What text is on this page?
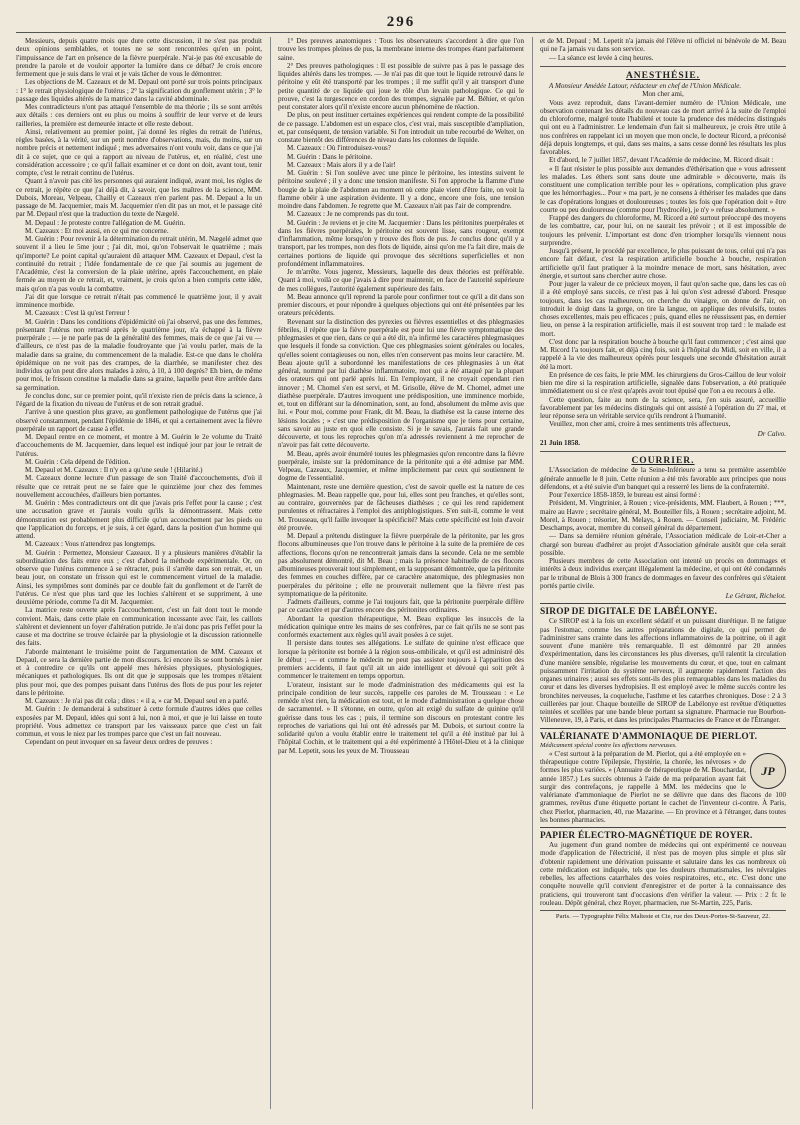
296

Messieurs, depuis quatre mois que dure cette discussion, il ne s'est pas produit deux opinions semblables, et toutes ne se sont rencontrées qu'en un point, l'impuissance de l'art en présence de la fièvre puerpérale. N'ai-je pas été excusable de prendre la parole et de vouloir apporter la lumière dans ce débat? Je crois encore fermement que je suis dans le vrai et je vais tâcher de vous le démontrer.

Les objections de M. Cazeaux et de M. Depaul ont porté sur trois points principaux : 1° le retrait physiologique de l'utérus ; 2° la signification du gonflement utérin ; 3° le passage des liquides altérés de la matrice dans la cavité abdominale.

Mes contradicteurs n'ont pas attaqué l'ensemble de ma théorie ; ils se sont arrêtés aux détails : ces derniers ont eu plus ou moins à souffrir de leur verve et de leurs railleries, la première est demeurée intacte et elle reste debout.

Ainsi, relativement au premier point, j'ai donné les règles du retrait de l'utérus, règles basées, à la vérité, sur un petit nombre d'observations, mais, du moins, sur un nombre précis et nettement indiqué ; mes adversaires n'ont voulu voir, dans ce que j'ai dit à ce sujet, que ce qui a rapport au niveau de l'utérus, et, en réalité, c'est une considération accessoire ; ce qu'il fallait examiner et ce dont on doit, avant tout, tenir compte, c'est le retrait continu de l'utérus.

Quant à n'avoir pas cité les personnes qui auraient indiqué, avant moi, les règles de ce retrait, je répète ce que j'ai déjà dit, à savoir, que les maîtres de la science, MM. Dubois, Moreau, Velpeau, Chailly et Cazeaux n'en parlent pas. M. Depaul a lu un passage de M. Jacquemier, mais M. Jacquemier n'en dit pas un mot, et le passage cité par M. Depaul n'est que la traduction du texte de Nægelé.

M. Depaul : Je proteste contre l'allégation de M. Guérin.

M. Cazeaux : Et moi aussi, en ce qui me concerne.

M. Guérin : Pour revenir à la détermination du retrait utérin, M. Nægelé admet que souvent il a lieu le 5me jour ; j'ai dit, moi, qu'on l'observait le quatrième ; mais qu'importe? Le point capital qu'auraient dû attaquer MM. Cazeaux et Depaul, c'est la continuité du retrait ; l'idée fondamentale de ce que j'ai soumis au jugement de l'Académie, c'est la conversion de la plaie utérine, après l'accouchement, en plaie fermée au moyen de ce retrait, et, vraiment, je crois qu'on a bien compris cette idée, mais qu'on n'a pas voulu la combattre.

J'ai dit que lorsque ce retrait n'était pas commencé le quatrième jour, il y avait imminence morbide.

M. Cazeaux : C'est là qu'est l'erreur !

M. Guérin : Dans les conditions d'épidémicité où j'ai observé, pas une des femmes, présentant l'utérus non retracté après le quatrième jour, n'a échappé à la fièvre puerpérale ; — je ne parle pas de la généralité des femmes, mais de ce que j'ai vu — d'ailleurs, ce n'est pas de la maladie foudroyante que j'ai voulu parler, mais de la maladie dans sa graine, du commencement de la maladie. Est-ce que dans le choléra épidémique on ne voit pas des crampes, de la diarrhée, se manifester chez des individus qu'on peut dire alors malades à zéro, à 10, à 100 degrés? Eh bien, de même pour moi, le frisson constitue la maladie dans sa graine, laquelle peut être arrêtée dans sa germination.

Je conclus donc, sur ce premier point, qu'il n'existe rien de précis dans la science, à l'égard de la fixation du niveau de l'utérus et de son retrait gradué.

J'arrive à une question plus grave, au gonflement pathologique de l'utérus que j'ai observé constamment, pendant l'épidémie de 1846, et qui a certainement avec la fièvre puerpérale un rapport de cause à effet.

M. Depaul rentre en ce moment, et montre à M. Guérin le 2e volume du Traité d'accouchements de M. Jacquemier, dans lequel est indiqué jour par jour le retrait de l'utérus.

M. Guérin : Cela dépend de l'édition.

M. Depaul et M. Cazeaux : Il n'y en a qu'une seule ! (Hilarité.)

M. Cazeaux donne lecture d'un passage de son Traité d'accouchements, d'où il résulte que ce retrait peut ne se faire que le quinzième jour chez des femmes nouvellement accouchées, d'ailleurs bien portantes.

M. Guérin : Mes contradicteurs ont dit que j'avais pris l'effet pour la cause ; c'est une accusation grave et j'aurais voulu qu'ils la démontrassent. Mais cette démonstration est probablement plus difficile qu'un accouchement par les pieds ou que l'application du forceps, et je suis, à cet égard, dans la position d'un homme qui attend.

M. Cazeaux : Vous n'attendrez pas longtemps.

M. Guérin : Permettez, Monsieur Cazeaux. Il y a plusieurs manières d'établir la subordination des faits entre eux ; c'est d'abord la méthode expérimentale. Or, on observe que l'utérus commence à se rétracter, puis il s'arrête dans son retrait, et, un beau jour, on constate un frisson qui est le commencement virtuel de la maladie. Ainsi, les symptômes sont dominés par ce double fait du gonflement et de l'arrêt de l'utérus. Ce n'est que plus tard que les lochies s'altèrent et se suppriment, à une deuxième période, comme l'a dit M. Jacquemier.

La matrice reste ouverte après l'accouchement, c'est un fait dont tout le monde convient. Mais, dans cette plaie en communication incessante avec l'air, les caillots s'altèrent et deviennent un foyer d'altération putride. Je n'ai donc pas pris l'effet pour la cause et ma doctrine se trouve éclairée par la physiologie et la discussion rationnelle des faits.

J'aborde maintenant le troisième point de l'argumentation de MM. Cazeaux et Depaul, ce sera la dernière partie de mon discours. Ici encore ils se sont bornés à nier et à contredire ce qu'ils ont appelé mes hérésies physiques, physiologiques, mécaniques et pathologiques. Ils ont dit que je supposais que les trompes n'étaient plus pour moi, que des pompes puisant dans l'utérus des flots de pus pour les rejeter dans le péritoine.

M. Cazeaux : Je n'ai pas dit cela ; dites : « il a, » car M. Depaul seul en a parlé.

M. Guérin : Je demanderai à substituer à cette formule d'autres idées que celles exposées par M. Depaul, idées qui sont à lui, non à moi, et que je lui laisse en toute propriété. Vous admettez ce transport par les vaisseaux parce que c'est un fait commun, et vous le niez par les trompes parce que c'est un fait nouveau.

Cependant on peut invoquer en sa faveur deux ordres de preuves :

1° Des preuves anatomiques : Tous les observateurs s'accordent à dire que l'on trouve les trompes pleines de pus, la membrane interne des trompes étant parfaitement saine.

2° Des preuves pathologiques : Il est possible de suivre pas à pas le passage des liquides altérés dans les trompes. — Je n'ai pas dit que tout le liquide retrouvé dans le péritoine y eût été transporté par les trompes ; il me suffit qu'il y ait transport d'une petite quantité de ce liquide qui joue le rôle d'un levain pathologique. Ce qui le prouve, c'est la turgescence en cordon des trompes, signalée par M. Béhier, et qu'on peut constater alors qu'il n'existe encore aucun phénomène de réaction.

De plus, on peut instituer certaines expériences qui rendent compte de la possibilité de ce passage. L'abdomen est un espace clos, c'est vrai, mais susceptible d'ampliation, et, par conséquent, de tension variable. Si l'on introduit un tube recourbé de Welter, on constate bientôt des différences de niveau dans les colonnes de liquide.

M. Cazeaux : Où l'introduisez-vous?

M. Guérin : Dans le péritoine.

M. Cazeaux : Mais alors il y a de l'air!

M. Guérin : Si l'on soulève avec une pince le péritoine, les intestins suivent le péritoine soulevé ; il y a donc une tension manifeste. Si l'on approche la flamme d'une bougie de la plaie de l'abdomen au moment où cette plaie vient d'être faite, on voit la flamme obéir à une aspiration évidente. Il y a donc, encore une fois, une tension moindre dans l'abdomen. Je regrette que M. Cazeaux n'ait pas l'air de comprendre.

M. Cazeaux : Je ne comprends pas du tout.

M. Guérin : Je reviens et je cite M. Jacquemier : Dans les péritonites puerpérales et dans les fièvres puerpérales, le péritoine est souvent lisse, sans rougeur, exempt d'inflammation, même lorsqu'on y trouve des flots de pus. Je conclus donc qu'il y a transport, par les trompes, non des flots de liquide, ainsi qu'on me l'a fait dire, mais de certaines portions de liquide qui provoque des sécrétions superficielles et non profondément inflammatoires.

Je m'arrête. Vous jugerez, Messieurs, laquelle des deux théories est préférable. Quant à moi, voilà ce que j'avais à dire pour maintenir, en face de l'autorité supérieure de mes collègues, l'autorité également supérieure des faits.

M. Beau annonce qu'il reprend la parole pour confirmer tout ce qu'il a dit dans son premier discours, et pour répondre à quelques objections qui ont été présentées par les orateurs précédents.

Revenant sur la distinction des pyrexies ou fièvres essentielles et des phlegmasies fébriles, il répète que la fièvre puerpérale est pour lui une fièvre symptomatique des phlegmasies et que rien, dans ce qui a été dit, n'a infirmé les caractères phlegmasiques que lesquels il fonde sa conviction. Que ces phlegmasies soient générales ou locales, qu'elles soient contagieuses ou non, elles n'en conservent pas moins leur caractère. M. Beau ajoute qu'il a subordonné les manifestations de ces phlegmasies à un état général, nommé par lui diathèse inflammatoire, mot qui a été attaqué par la plupart des orateurs qui ont parlé après lui. En l'employant, il ne croyait cependant rien innover ; M. Chomel s'en est servi, et M. Grisolle, élève de M. Chomel, admet une diathèse puerpérale. D'autres invoquent une prédisposition, une imminence morbide, et, tout en différant sur la dénomination, sont, au fond, absolument du même avis que lui. « Pour moi, comme pour Frank, dit M. Beau, la diathèse est la cause interne des lésions locales ; » c'est une prédisposition de l'organisme que je tiens pour certaine, sans savoir au juste en quoi elle consiste. Si je le savais, j'aurais fait une grande découverte, et tous les reproches qu'on m'a adressés reviennent à me reprocher de n'avoir pas fait cette découverte.

M. Beau, après avoir énuméré toutes les phlegmasies qu'on rencontre dans la fièvre puerpérale, insiste sur la prédominance de la péritonite qui a été admise par MM. Velpeau, Cazeaux, Jacquemier, et même implicitement par ceux qui soutiennent le dogme de l'essentialité.

Maintenant, reste une dernière question, c'est de savoir quelle est la nature de ces phlegmasies. M. Beau rappelle que, pour lui, elles sont peu franches, et qu'elles sont, au contraire, gouvernées par de fâcheuses diathèses ; ce qui les rend rapidement purulentes et réfractaires à l'emploi des antiphlogistiques. S'en suit-il, comme le veut M. Trousseau, qu'il faille invoquer la spécificité? Mais cette spécificité est loin d'avoir été prouvée.

M. Depaul a prétendu distinguer la fièvre puerpérale de la péritonite, par les gros flocons albumineuses que l'on trouve dans le péritoine à la suite de la première de ces affections, flocons qu'on ne rencontrerait jamais dans la seconde. Cela ne me semble pas absolument démontré, dit M. Beau ; mais la présence habituelle de ces flocons albumineuses prouverait tout simplement, en la supposant démontrée, que la péritonite des femmes en couches diffère, par ce caractère anatomique, des phlegmasies non puerpérales du péritoine ; elle ne prouverait nullement que la fièvre n'est pas symptomatique de la péritonite.

J'admets d'ailleurs, comme je l'ai toujours fait, que la péritonite puerpérale diffère par ce caractère et par d'autres encore des péritonites ordinaires.

Abordant la question thérapeutique, M. Beau explique les insuccès de la médication quinique entre les mains de ses confrères, par ce fait qu'ils ne se sont pas conformés exactement aux règles qu'il avait posées à ce sujet.

Il persiste dans toutes ses allégations. Le sulfate de quinine n'est efficace que lorsque la péritonite est bornée à la région sous-ombilicale, et qu'il est administré dès le début ; — et comme le médecin ne peut pas assister toujours à l'apparition des premiers accidents, il faut qu'il ait un aide intelligent et dévoué qui soit prêt à commencer le traitement en temps opportun.

L'orateur, insistant sur le mode d'administration des médicaments qui est la principale condition de leur succès, rappelle ces paroles de M. Trousseau : « Le remède n'est rien, la médication est tout, et le mode d'administration a quelque chose de sacramentel. » Il s'étonne, en outre, qu'on ait exigé du sulfate de quinine qu'il guérisse dans tous les cas ; puis, il termine son discours en protestant contre les reproches de variations qui lui ont été adressés par M. Dubois, et surtout contre la solidarité qu'on a voulu établir entre le traitement tel qu'il a été institué par lui à l'hôpital Cochin, et le traitement qui a été expérimenté à l'Hôtel-Dieu et à la clinique par M. Lepetit, sous les yeux de M. Trousseau

et de M. Depaul ; M. Lepetit n'a jamais été l'élève ni officiel ni bénévole de M. Beau qui ne l'a jamais vu dans son service.

— La séance est levée à cinq heures.

ANESTHÉSIE.

A Monsieur Amédée Latour, rédacteur en chef de l'Union Médicale.

Mon cher ami,

Vous avez reproduit, dans l'avant-dernier numéro de l'Union Médicale, une observation contenant les détails du nouveau cas de mort arrivé à la suite de l'emploi du chloroforme, malgré toute l'habileté et toute la prudence des médecins distingués qui ont eu à l'administrer. Le lendemain d'un fait si malheureux, je crois être utile à nos confrères en rappelant ici un moyen que mon oncle, le docteur Ricord, a préconisé déjà depuis longtemps, et qui, dans ses mains, a sans cesse donné les résultats les plus favorables.

Et d'abord, le 7 juillet 1857, devant l'Académie de médecine, M. Ricord disait :

« Il faut résister le plus possible aux demandes d'éthérisation que » vous adressent les malades. Les éthers sont sans doute une admirable » découverte, mais ils constituent une complication terrible pour les » opérations, complication plus grave que les hémorrhagies... Pour » ma part, je ne consens à éthériser les malades que dans le cas d'opérations longues et douloureuses ; toutes les fois que l'opération doit » être courte ou peu douloureuse (comme pour l'hydrocèle), je n'y » refuse absolument. »

Frappé des dangers du chloroforme, M. Ricord a été surtout préoccupé des moyens de les combattre, car, pour lui, on ne saurait les prévoir ; et il est impossible de toujours les prévenir. L'important est donc d'en triompher lorsqu'ils viennent nous surprendre.

Jusqu'à présent, le procédé par excellence, le plus puissant de tous, celui qui n'a pas encore fait défaut, c'est la respiration artificielle bouche à bouche, respiration artificielle qu'il faut pratiquer à la moindre menace de mort, sans hésitation, avec énergie, et surtout sans chercher autre chose.

Pour juger la valeur de ce précieux moyen, il faut qu'on sache que, dans les cas où il a été employé sans succès, ce n'est pas à lui qu'on s'est adressé d'abord. Presque toujours, dans les cas malheureux, on cherche du vinaigre, on donne de l'air, on introduit le doigt dans la gorge, on tire la langue, on applique des révulsifs, toutes choses excellentes, mais peu efficaces ; puis, quand elles ne réussissent pas, en dernier lieu, on pense à la respiration artificielle, mais il est souvent trop tard : le malade est mort.

C'est donc par la respiration bouche à bouche qu'il faut commencer ; c'est ainsi que M. Ricord l'a toujours fait, et déjà cinq fois, soit à l'hôpital du Midi, soit en ville, il a rappelé à la vie des malheureux opérés pour lesquels une seconde d'hésitation aurait été la mort.

En présence de ces faits, le prie MM. les chirurgiens du Gros-Caillou de leur voloir bien me dire si la respiration artificielle, signalée dans l'observation, a été pratiquée immédiatement ou si ce n'est qu'après avoir tout épuisé que l'on a eu recours à elle.

Cette question, faite au nom de la science, sera, j'en suis assuré, accueillie favorablement par les médecins distingués qui ont assisté à l'opération du 27 mai, et leur réponse sera un véritable service qu'ils rendront à l'humanité.

Veuillez, mon cher ami, croire à mes sentiments très affectueux,

Dr Calvo.
21 Juin 1858.
COURRIER.

L'Association de médecine de la Seine-Inférieure a tenu sa première assemblée générale annuelle le 8 juin. Cette réunion a été très favorable aux principes que nous défendons, et a été suivie d'un banquet qui a resserré les liens de la confraternité.

Pour l'exercice 1858-1859, le bureau est ainsi formé :

Président, M. Vingtrinier, à Rouen ; vice-présidents, MM. Flaubert, à Rouen ; ***, maire au Havre ; secrétaire général, M. Bouteiller fils, à Rouen ; secrétaire adjoint, M. Morel, à Rouen ; trésorier, M. Melays, à Rouen. — Conseil judiciaire, M. Frédéric Deschamps, avocat, membre du conseil général du département.

— Dans sa dernière réunion générale, l'Association médicale de Loir-et-Cher a chargé son bureau d'adhérer au projet d'Association générale ausitôt que cela serait possible.

Plusieurs membres de cette Association ont intenté un procès en dommages et intérêts à deux individus exerçant illégalement la médecine, et qui ont été condamnés par le tribunal de Blois à 300 francs de dommages en faveur des confrères qui s'étaient portés partie civile.

Le Gérant, Richelot.
SIROP DE DIGITALE DE LABÉLONYE.

Ce SIROP est à la fois un excellent sédatif et un puissant diurétique. Il ne fatigue pas l'estomac, comme les autres préparations de digitale, ce qui permet de l'administrer sans crainte dans les affections inflammatoires de la poitrine, où il agit souvent d'une manière très remarquable. Il est démontré par 20 années d'expérimentation, dans les circonstances les plus diverses, qu'il ralentit la circulation d'une manière sensible, régularise les mouvements du cœur, et que, tout en calmant puissamment l'irritation du système nerveux, il augmente rapidement l'action des organes urinaires ; aussi ses effets sont-ils des plus remarquables dans les maladies du cœur et dans les diverses hydropisies. Il est employé avec le même succès contre les bronchites nerveuses, la coqueluche, l'asthme et les catarrhes chroniques. Dose : 2 à 3 cuillerées par jour. Chaque bouteille de SIROP de Labélonye est revêtue d'étiquettes teintées et scellées par une bande bleue portant sa signature. Pharmacie rue Bourbon-Villeneuve, 19, à Paris, et dans les principales Pharmacies de France et de l'Étranger.

VALÉRIANATE D'AMMONIAQUE DE PIERLOT.
Médicament spécial contre les affections nerveuses.
JP

« C'est surtout à la préparation de M. Pierlot, qui a été employée en » thérapeutique contre l'épilepsie, l'hystérie, la chorée, les névroses » de formes les plus variées. » (Annuaire de thérapeutique de M. Bouchardat, année 1857.) Les succès obtenus à l'aide de ma préparation ayant fait surgir des contrefaçons, je rappelle à MM. les médecins que le valérianate d'ammoniaque de Pierlot ne se délivre que dans des flacons de 100 grammes, revêtus d'une étiquette portant le cachet de l'inventeur ci-contre. À Paris, chez Pierlot, pharmacien, 40, rue Mazarine. — En province et à l'étranger, dans toutes les bonnes pharmacies.

PAPIER ÉLECTRO-MAGNÉTIQUE DE ROYER.

Au jugement d'un grand nombre de médecins qui ont expérimenté ce nouveau mode d'application de l'électricité, il n'est pas de moyen plus simple et plus sûr d'obtenir rapidement une dérivation puissante et salutaire dans les cas nombreux où cette médication est indiquée, tels que les douleurs rhumatismales, les névralgies rebelles, les affections catarrhales des voies respiratoires, etc., etc. C'est donc une conquête nouvelle qu'il convient d'enregistrer et de porter à la connaissance des praticiens, qui trouveront tant d'occasions d'en vérifier la valeur. — Prix : 2 fr. le rouleau. Dépôt général, chez Royer, pharmacien, rue St-Martin, 225, Paris.

Paris. — Typographie Félix Malteste et Cie, rue des Deux-Portes-St-Sauveur, 22.
